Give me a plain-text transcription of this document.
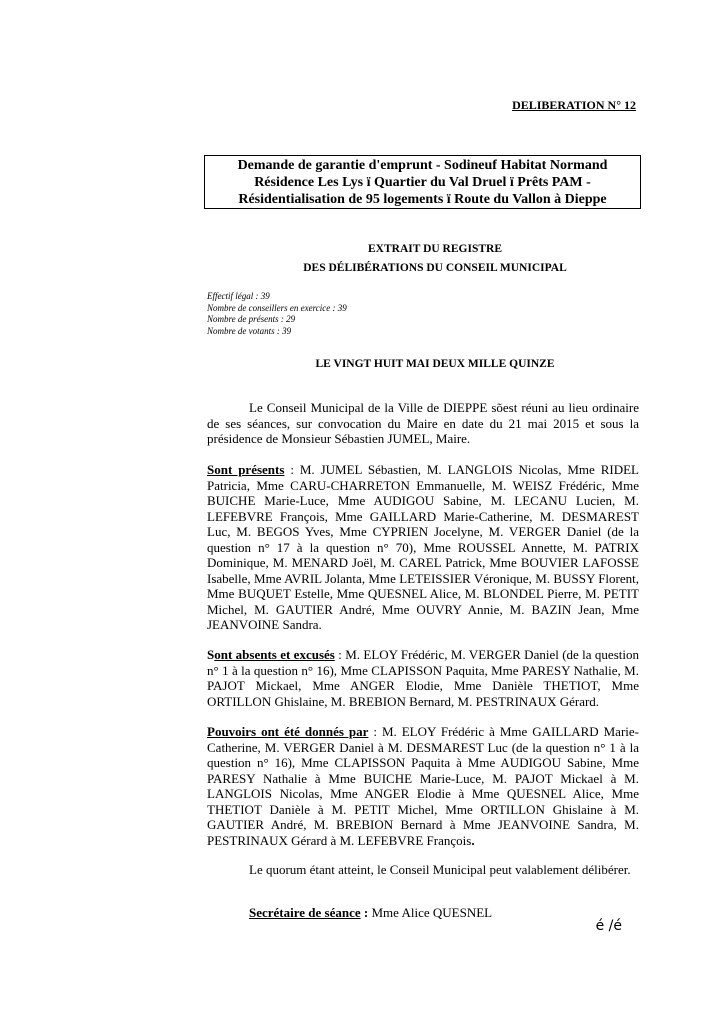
DELIBERATION N° 12
Demande de garantie d'emprunt - Sodineuf Habitat Normand
Résidence Les Lys ï Quartier du Val Druel ï Prêts PAM -
Résidentialisation de 95 logements ï Route du Vallon à Dieppe
EXTRAIT DU REGISTRE
DES DÉLIBÉRATIONS DU CONSEIL MUNICIPAL
Effectif légal : 39
Nombre de conseillers en exercice : 39
Nombre de présents : 29
Nombre de votants : 39
LE VINGT HUIT MAI DEUX MILLE QUINZE
Le Conseil Municipal de la Ville de DIEPPE sõest réuni au lieu ordinaire de ses séances, sur convocation du Maire en date du 21 mai 2015 et sous la présidence de Monsieur Sébastien JUMEL, Maire.
Sont présents : M. JUMEL Sébastien, M. LANGLOIS Nicolas, Mme RIDEL Patricia, Mme CARU-CHARRETON Emmanuelle, M. WEISZ Frédéric, Mme BUICHE Marie-Luce, Mme AUDIGOU Sabine, M. LECANU Lucien, M. LEFEBVRE François, Mme GAILLARD Marie-Catherine, M. DESMAREST Luc, M. BEGOS Yves, Mme CYPRIEN Jocelyne, M. VERGER Daniel (de la question n° 17 à la question n° 70), Mme ROUSSEL Annette, M. PATRIX Dominique, M. MENARD Joël, M. CAREL Patrick, Mme BOUVIER LAFOSSE Isabelle, Mme AVRIL Jolanta, Mme LETEISSIER Véronique, M. BUSSY Florent, Mme BUQUET Estelle, Mme QUESNEL Alice, M. BLONDEL Pierre, M. PETIT Michel, M. GAUTIER André, Mme OUVRY Annie, M. BAZIN Jean, Mme JEANVOINE Sandra.
Sont absents et excusés : M. ELOY Frédéric, M. VERGER Daniel (de la question n° 1 à la question n° 16), Mme CLAPISSON Paquita, Mme PARESY Nathalie, M. PAJOT Mickael, Mme ANGER Elodie, Mme Danièle THETIOT, Mme ORTILLON Ghislaine, M. BREBION Bernard, M. PESTRINAUX Gérard.
Pouvoirs ont été donnés par : M. ELOY Frédéric à Mme GAILLARD Marie-Catherine, M. VERGER Daniel à M. DESMAREST Luc (de la question n° 1 à la question n° 16), Mme CLAPISSON Paquita à Mme AUDIGOU Sabine, Mme PARESY Nathalie à Mme BUICHE Marie-Luce, M. PAJOT Mickael à M. LANGLOIS Nicolas, Mme ANGER Elodie à Mme QUESNEL Alice, Mme THETIOT Danièle à M. PETIT Michel, Mme ORTILLON Ghislaine à M. GAUTIER André, M. BREBION Bernard à Mme JEANVOINE Sandra, M. PESTRINAUX Gérard à M. LEFEBVRE François.
Le quorum étant atteint, le Conseil Municipal peut valablement délibérer.
Secrétaire de séance : Mme Alice QUESNEL
é /é
